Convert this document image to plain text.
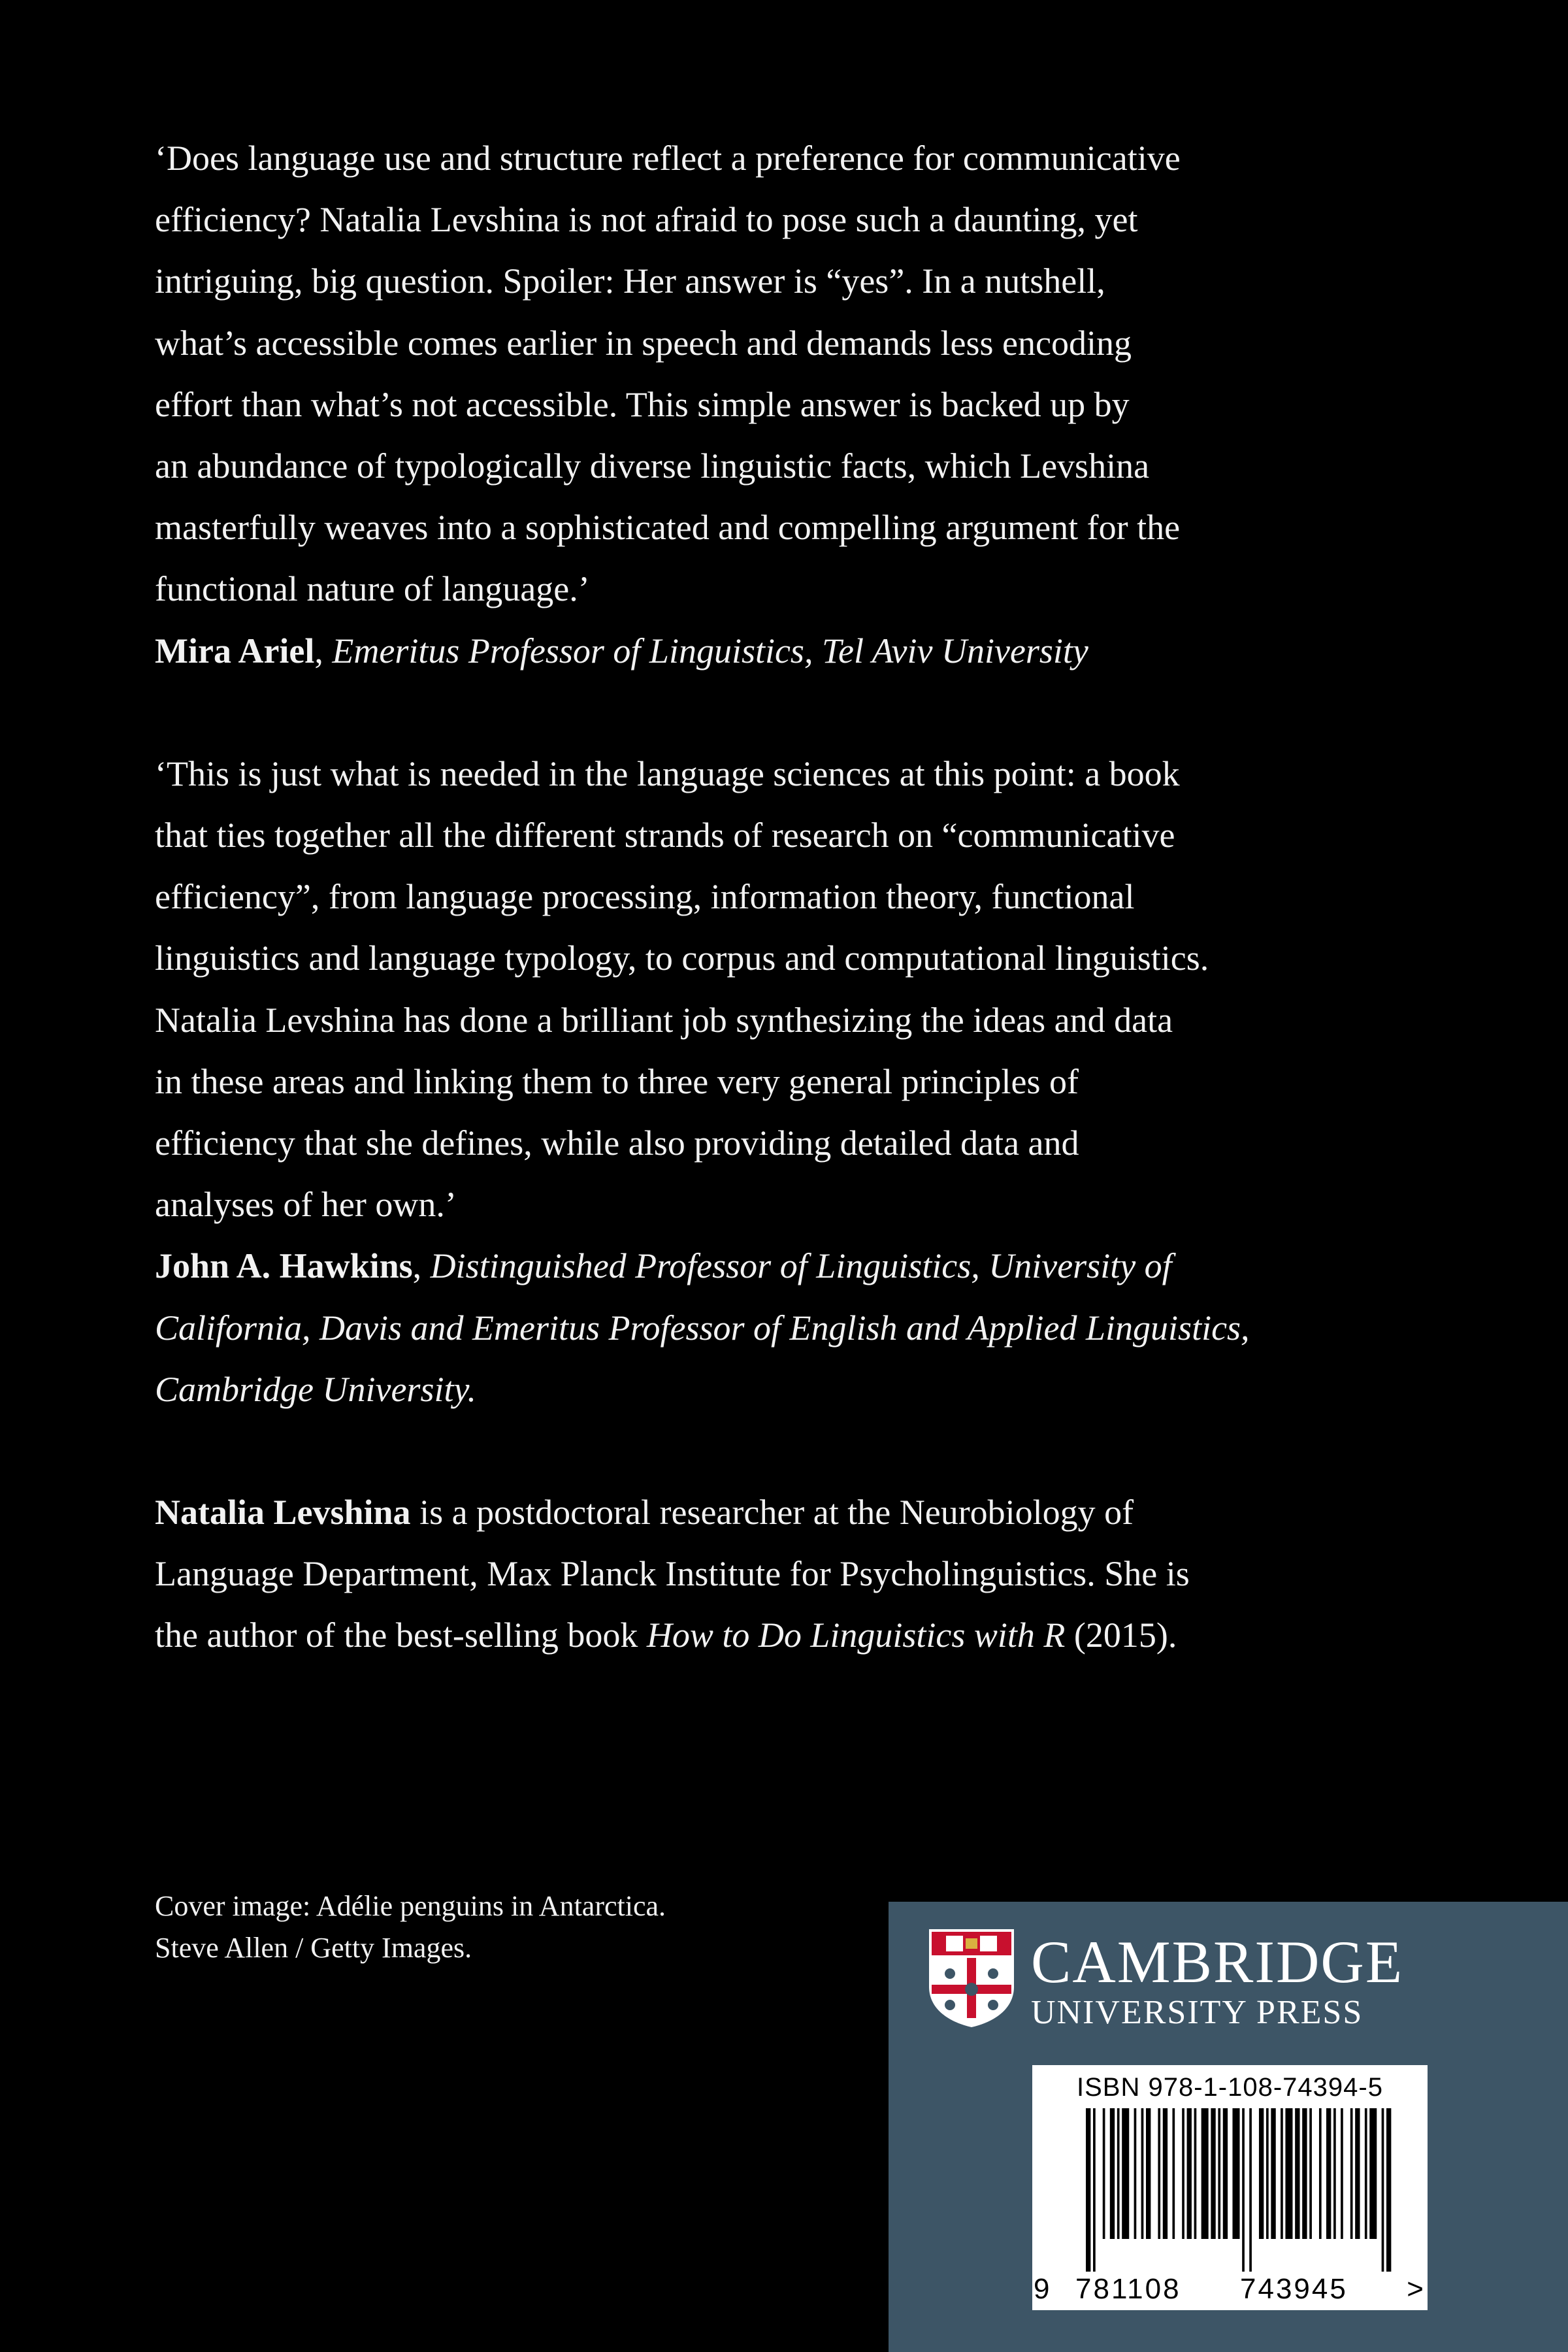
‘Does language use and structure reflect a preference for communicative
efficiency? Natalia Levshina is not afraid to pose such a daunting, yet
intriguing, big question. Spoiler: Her answer is “yes”. In a nutshell,
what’s accessible comes earlier in speech and demands less encoding
effort than what’s not accessible. This simple answer is backed up by
an abundance of typologically diverse linguistic facts, which Levshina
masterfully weaves into a sophisticated and compelling argument for the
functional nature of language.’

Mira Ariel, Emeritus Professor of Linguistics, Tel Aviv University

‘This is just what is needed in the language sciences at this point: a book
that ties together all the different strands of research on “communicative
efficiency”, from language processing, information theory, functional
linguistics and language typology, to corpus and computational linguistics.
Natalia Levshina has done a brilliant job synthesizing the ideas and data
in these areas and linking them to three very general principles of
efficiency that she defines, while also providing detailed data and
analyses of her own.’

John A. Hawkins, Distinguished Professor of Linguistics, University of
California, Davis and Emeritus Professor of English and Applied Linguistics,
Cambridge University.

Natalia Levshina is a postdoctoral researcher at the Neurobiology of
Language Department, Max Planck Institute for Psycholinguistics. She is
the author of the best-selling book How to Do Linguistics with R (2015).

Cover image: Adélie penguins in Antarctica.
Steve Allen / Getty Images.	CAMBRIDGE
UNIVERSITY PRESS
ISBN 978-1-108-74394-5
9 781108 743945 >
